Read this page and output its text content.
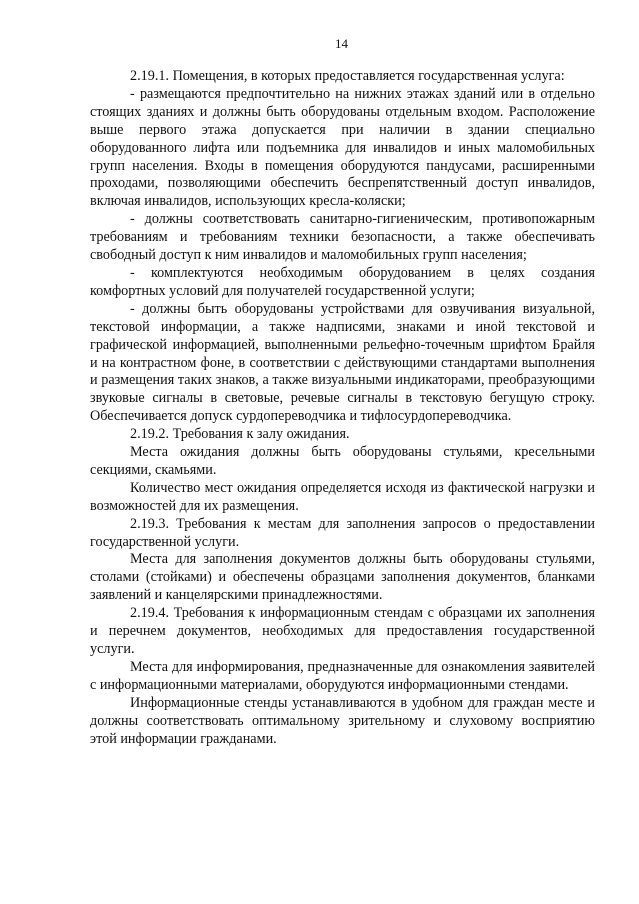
14

2.19.1. Помещения, в которых предоставляется государственная услуга:

- размещаются предпочтительно на нижних этажах зданий или в отдельно стоящих зданиях и должны быть оборудованы отдельным входом. Расположение выше первого этажа допускается при наличии в здании специально оборудованного лифта или подъемника для инвалидов и иных маломобильных групп населения. Входы в помещения оборудуются пандусами, расширенными проходами, позволяющими обеспечить беспрепятственный доступ инвалидов, включая инвалидов, использующих кресла-коляски;

- должны соответствовать санитарно-гигиеническим, противопожарным требованиям и требованиям техники безопасности, а также обеспечивать свободный доступ к ним инвалидов и маломобильных групп населения;

- комплектуются необходимым оборудованием в целях создания комфортных условий для получателей государственной услуги;

- должны быть оборудованы устройствами для озвучивания визуальной, текстовой информации, а также надписями, знаками и иной текстовой и графической информацией, выполненными рельефно-точечным шрифтом Брайля и на контрастном фоне, в соответствии с действующими стандартами выполнения и размещения таких знаков, а также визуальными индикаторами, преобразующими звуковые сигналы в световые, речевые сигналы в текстовую бегущую строку. Обеспечивается допуск сурдопереводчика и тифлосурдопереводчика.

2.19.2. Требования к залу ожидания.

Места ожидания должны быть оборудованы стульями, кресельными секциями, скамьями.

Количество мест ожидания определяется исходя из фактической нагрузки и возможностей для их размещения.

2.19.3. Требования к местам для заполнения запросов о предоставлении государственной услуги.

Места для заполнения документов должны быть оборудованы стульями, столами (стойками) и обеспечены образцами заполнения документов, бланками заявлений и канцелярскими принадлежностями.

2.19.4. Требования к информационным стендам с образцами их заполнения и перечнем документов, необходимых для предоставления государственной услуги.

Места для информирования, предназначенные для ознакомления заявителей с информационными материалами, оборудуются информационными стендами.

Информационные стенды устанавливаются в удобном для граждан месте и должны соответствовать оптимальному зрительному и слуховому восприятию этой информации гражданами.
